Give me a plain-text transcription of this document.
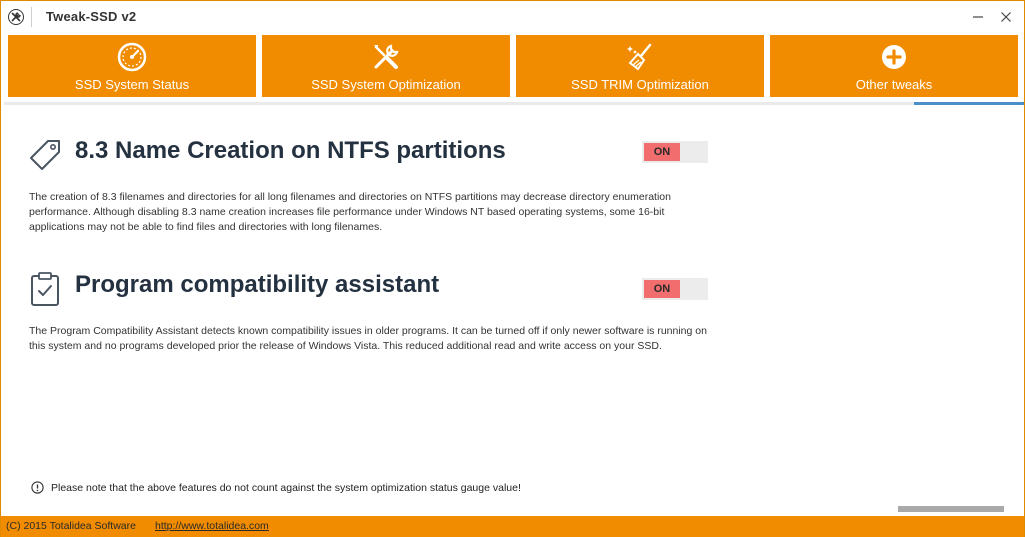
Tweak-SSD v2
SSD System Status	SSD System Optimization	SSD TRIM Optimization	Other tweaks
8.3 Name Creation on NTFS partitions	ON
The creation of 8.3 filenames and directories for all long filenames and directories on NTFS partitions may decrease directory enumeration performance. Although disabling 8.3 name creation increases file performance under Windows NT based operating systems, some 16-bit applications may not be able to find files and directories with long filenames.
Program compatibility assistant	ON
The Program Compatibility Assistant detects known compatibility issues in older programs. It can be turned off if only newer software is running on this system and no programs developed prior the release of Windows Vista. This reduced additional read and write access on your SSD.
Please note that the above features do not count against the system optimization status gauge value!
(C) 2015 Totalidea Software http://www.totalidea.com
